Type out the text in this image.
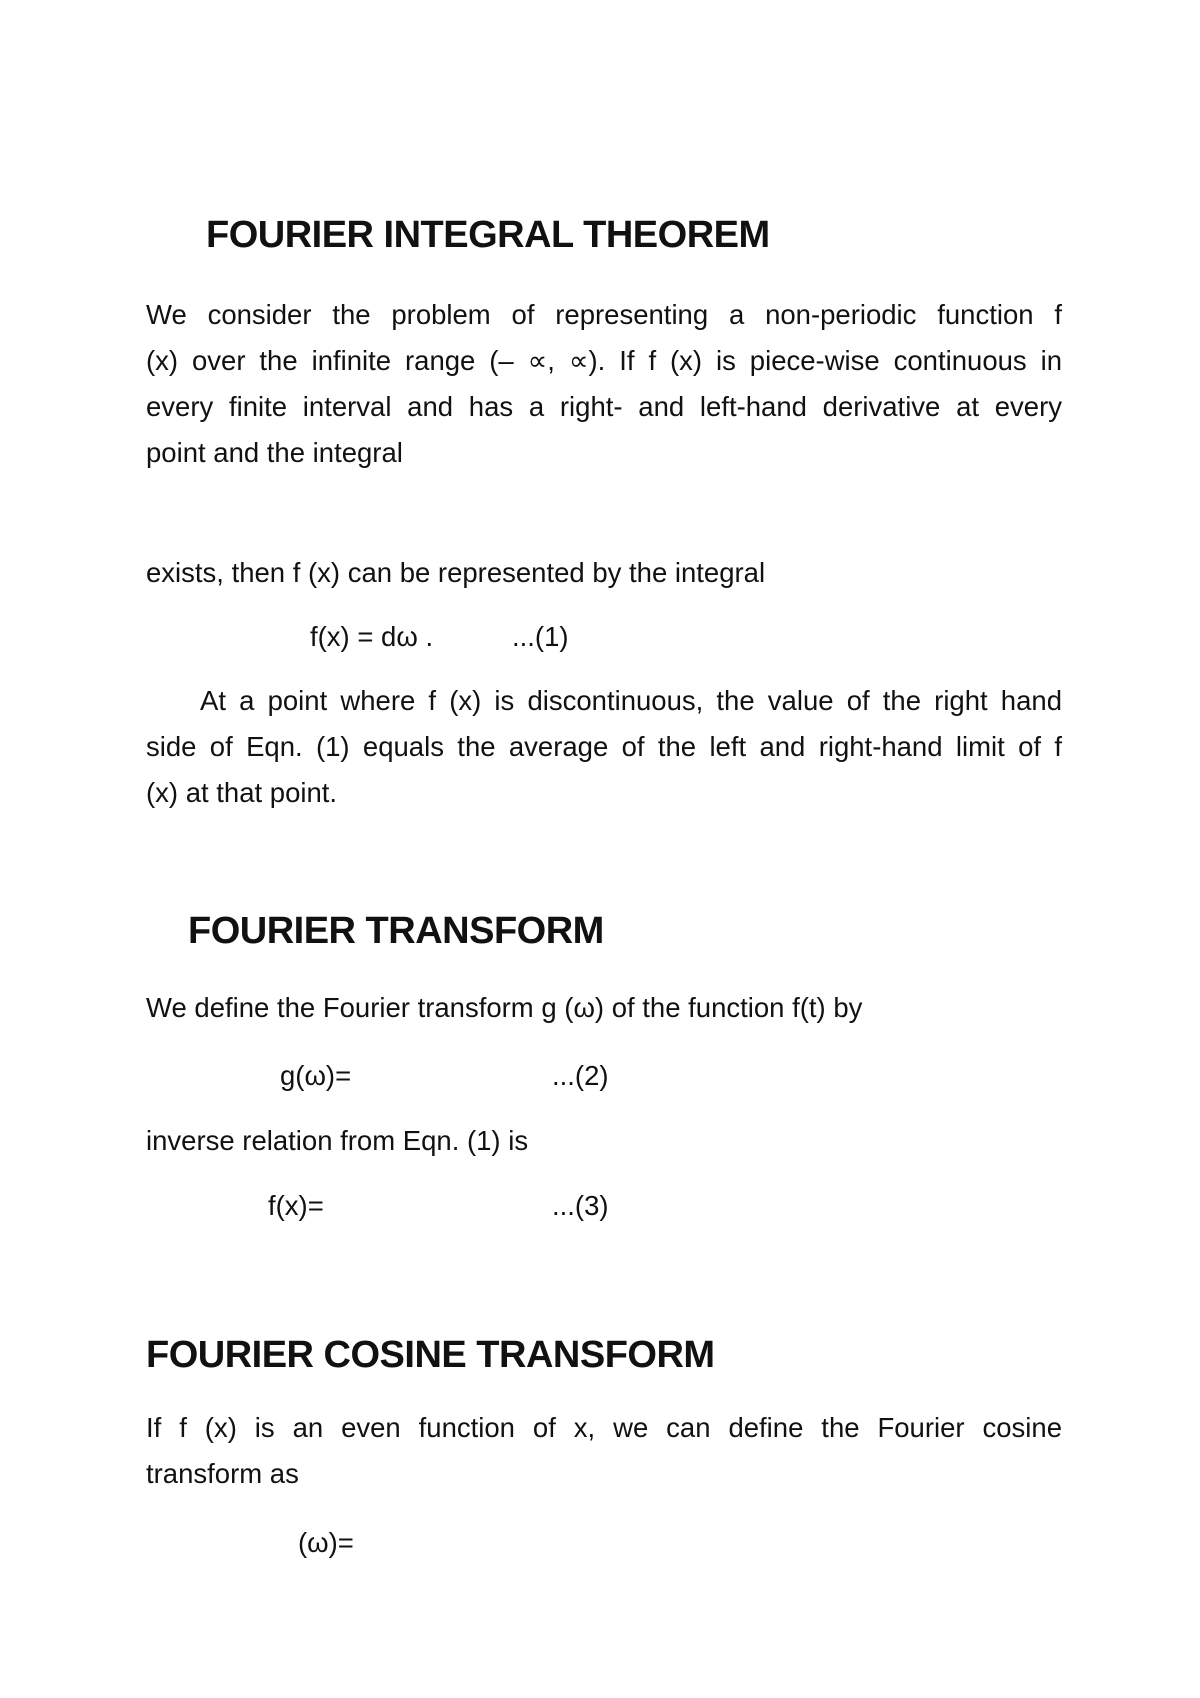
FOURIER INTEGRAL THEOREM
We consider the problem of representing a non-periodic function f
(x) over the infinite range (– ∝, ∝). If f (x) is piece-wise continuous in
every finite interval and has a right- and left-hand derivative at every
point and the integral
exists, then f (x) can be represented by the integral
f(x) = dω .	...(1)
At a point where f (x) is discontinuous, the value of the right hand
side of Eqn. (1) equals the average of the left and right-hand limit of f
(x) at that point.
FOURIER TRANSFORM
We define the Fourier transform g (ω) of the function f(t) by
g(ω)=	...(2)
inverse relation from Eqn. (1) is
f(x)=	...(3)
FOURIER COSINE TRANSFORM
If f (x) is an even function of x, we can define the Fourier cosine
transform as
(ω)=
